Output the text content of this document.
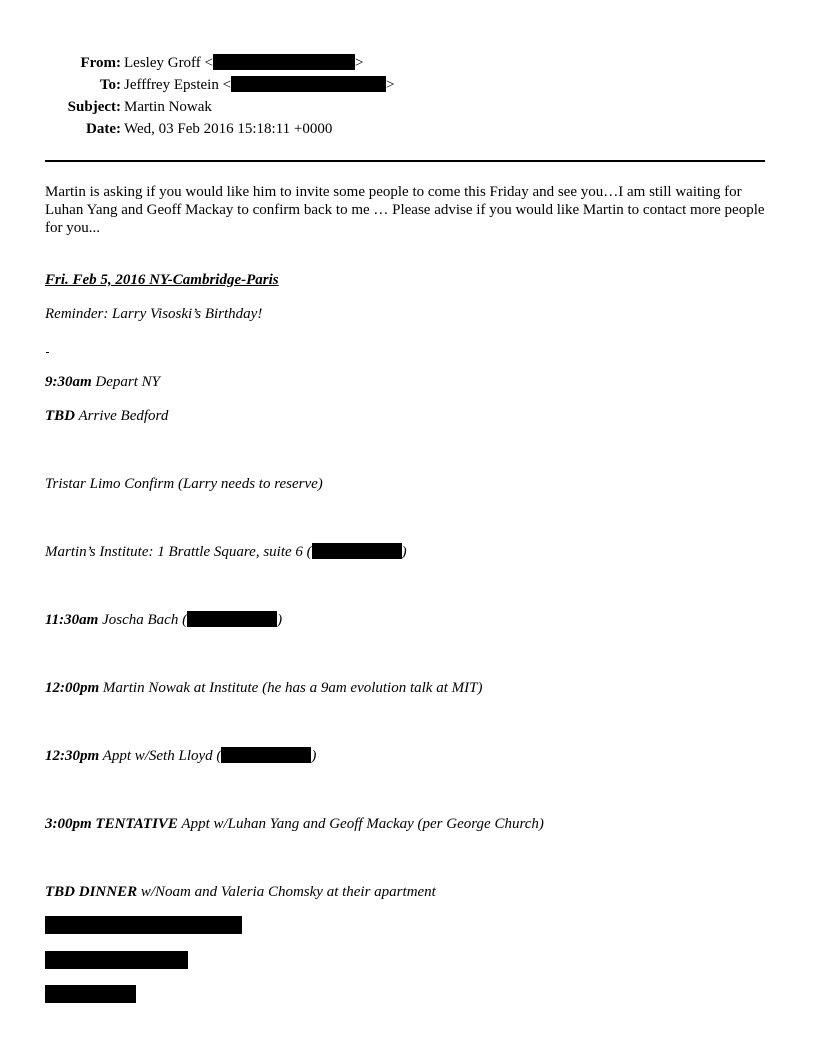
From: Lesley Groff <	>
To: Jefffrey Epstein <	>
Subject: Martin Nowak
Date: Wed, 03 Feb 2016 15:18:11 +0000
Martin is asking if you would like him to invite some people to come this Friday and see you…I am still waiting for Luhan Yang and Geoff Mackay to confirm back to me … Please advise if you would like Martin to contact more people for you...
Fri. Feb 5, 2016 NY-Cambridge-Paris
Reminder: Larry Visoski’s Birthday!
9:30am Depart NY
TBD Arrive Bedford
Tristar Limo Confirm (Larry needs to reserve)
Martin’s Institute: 1 Brattle Square, suite 6 (	)
11:30am Joscha Bach (	)
12:00pm Martin Nowak at Institute (he has a 9am evolution talk at MIT)
12:30pm Appt w/Seth Lloyd (	)
3:00pm TENTATIVE Appt w/Luhan Yang and Geoff Mackay (per George Church)
TBD DINNER w/Noam and Valeria Chomsky at their apartment
